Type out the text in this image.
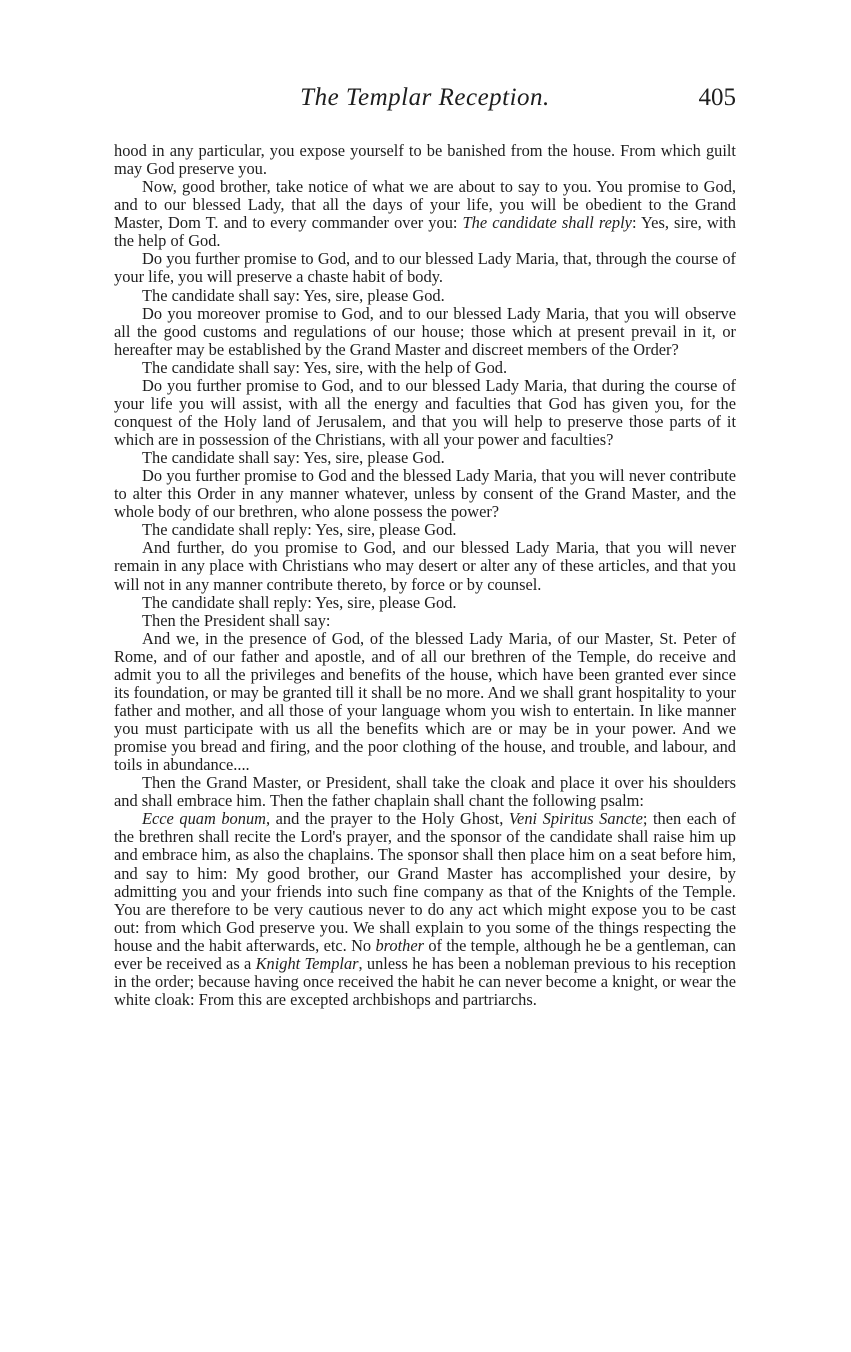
The Templar Reception.	405

hood in any particular, you expose yourself to be banished from the house. From which guilt may God preserve you.

Now, good brother, take notice of what we are about to say to you. You promise to God, and to our blessed Lady, that all the days of your life, you will be obedient to the Grand Master, Dom T. and to every commander over you: The candidate shall reply: Yes, sire, with the help of God.

Do you further promise to God, and to our blessed Lady Maria, that, through the course of your life, you will preserve a chaste habit of body.

The candidate shall say: Yes, sire, please God.

Do you moreover promise to God, and to our blessed Lady Maria, that you will observe all the good customs and regulations of our house; those which at present prevail in it, or hereafter may be established by the Grand Master and discreet members of the Order?

The candidate shall say: Yes, sire, with the help of God.

Do you further promise to God, and to our blessed Lady Maria, that during the course of your life you will assist, with all the energy and faculties that God has given you, for the conquest of the Holy land of Jerusalem, and that you will help to preserve those parts of it which are in possession of the Christians, with all your power and faculties?

The candidate shall say: Yes, sire, please God.

Do you further promise to God and the blessed Lady Maria, that you will never contribute to alter this Order in any manner whatever, unless by consent of the Grand Master, and the whole body of our brethren, who alone possess the power?

The candidate shall reply: Yes, sire, please God.

And further, do you promise to God, and our blessed Lady Maria, that you will never remain in any place with Christians who may desert or alter any of these articles, and that you will not in any manner contribute thereto, by force or by counsel.

The candidate shall reply: Yes, sire, please God.

Then the President shall say:

And we, in the presence of God, of the blessed Lady Maria, of our Master, St. Peter of Rome, and of our father and apostle, and of all our brethren of the Temple, do receive and admit you to all the privileges and benefits of the house, which have been granted ever since its foundation, or may be granted till it shall be no more. And we shall grant hospitality to your father and mother, and all those of your language whom you wish to entertain. In like manner you must participate with us all the benefits which are or may be in your power. And we promise you bread and firing, and the poor clothing of the house, and trouble, and labour, and toils in abundance....

Then the Grand Master, or President, shall take the cloak and place it over his shoulders and shall embrace him. Then the father chaplain shall chant the following psalm:

Ecce quam bonum, and the prayer to the Holy Ghost, Veni Spiritus Sancte; then each of the brethren shall recite the Lord's prayer, and the sponsor of the candidate shall raise him up and embrace him, as also the chaplains. The sponsor shall then place him on a seat before him, and say to him: My good brother, our Grand Master has accomplished your desire, by admitting you and your friends into such fine company as that of the Knights of the Temple. You are therefore to be very cautious never to do any act which might expose you to be cast out: from which God preserve you. We shall explain to you some of the things respecting the house and the habit afterwards, etc. No brother of the temple, although he be a gentleman, can ever be received as a Knight Templar, unless he has been a nobleman previous to his reception in the order; because having once received the habit he can never become a knight, or wear the white cloak: From this are excepted archbishops and partriarchs.
